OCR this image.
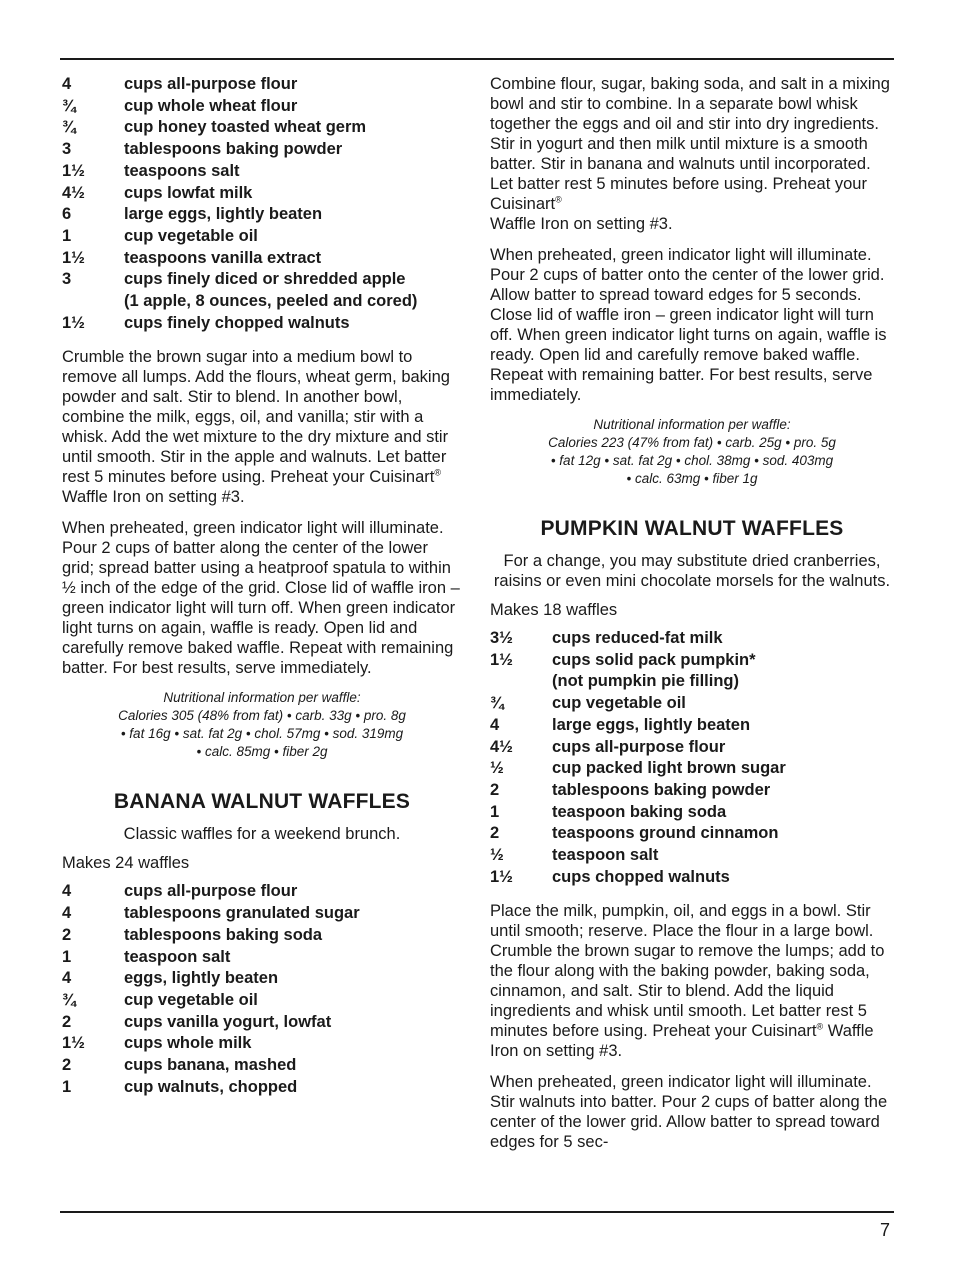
4	cups all-purpose flour
¾	cup whole wheat flour
¾	cup honey toasted wheat germ
3	tablespoons baking powder
1½	teaspoons salt
4½	cups lowfat milk
6	large eggs, lightly beaten
1	cup vegetable oil
1½	teaspoons vanilla extract
3	cups finely diced or shredded apple
(1 apple, 8 ounces, peeled and cored)
1½	cups finely chopped walnuts

Crumble the brown sugar into a medium bowl to remove all lumps. Add the flours, wheat germ, baking powder and salt. Stir to blend. In another bowl, combine the milk, eggs, oil, and vanilla; stir with a whisk. Add the wet mixture to the dry mixture and stir until smooth. Stir in the apple and walnuts. Let batter rest 5 minutes before using. Preheat your Cuisinart® Waffle Iron on setting #3.

When preheated, green indicator light will illuminate. Pour 2 cups of batter along the center of the lower grid; spread batter using a heatproof spatula to within ½ inch of the edge of the grid. Close lid of waffle iron – green indicator light will turn off. When green indicator light turns on again, waffle is ready. Open lid and carefully remove baked waffle. Repeat with remaining batter. For best results, serve immediately.

Nutritional information per waffle:
Calories 305 (48% from fat) • carb. 33g • pro. 8g
• fat 16g • sat. fat 2g • chol. 57mg • sod. 319mg
• calc. 85mg • fiber 2g
BANANA WALNUT WAFFLES

Classic waffles for a weekend brunch.

Makes 24 waffles

4	cups all-purpose flour
4	tablespoons granulated sugar
2	tablespoons baking soda
1	teaspoon salt
4	eggs, lightly beaten
¾	cup vegetable oil
2	cups vanilla yogurt, lowfat
1½	cups whole milk
2	cups banana, mashed
1	cup walnuts, chopped

Combine flour, sugar, baking soda, and salt in a mixing bowl and stir to combine. In a separate bowl whisk together the eggs and oil and stir into dry ingredients. Stir in yogurt and then milk until mixture is a smooth batter. Stir in banana and walnuts until incorporated. Let batter rest 5 minutes before using. Preheat your Cuisinart®
Waffle Iron on setting #3.

When preheated, green indicator light will illuminate. Pour 2 cups of batter onto the center of the lower grid. Allow batter to spread toward edges for 5 seconds. Close lid of waffle iron – green indicator light will turn off. When green indicator light turns on again, waffle is ready. Open lid and carefully remove baked waffle. Repeat with remaining batter. For best results, serve immediately.

Nutritional information per waffle:
Calories 223 (47% from fat) • carb. 25g • pro. 5g
• fat 12g • sat. fat 2g • chol. 38mg • sod. 403mg
• calc. 63mg • fiber 1g
PUMPKIN WALNUT WAFFLES

For a change, you may substitute dried cranberries, raisins or even mini chocolate morsels for the walnuts.

Makes 18 waffles

3½	cups reduced-fat milk
1½	cups solid pack pumpkin*
(not pumpkin pie filling)
¾	cup vegetable oil
4	large eggs, lightly beaten
4½	cups all-purpose flour
½	cup packed light brown sugar
2	tablespoons baking powder
1	teaspoon baking soda
2	teaspoons ground cinnamon
½	teaspoon salt
1½	cups chopped walnuts

Place the milk, pumpkin, oil, and eggs in a bowl. Stir until smooth; reserve. Place the flour in a large bowl. Crumble the brown sugar to remove the lumps; add to the flour along with the baking powder, baking soda, cinnamon, and salt. Stir to blend. Add the liquid ingredients and whisk until smooth. Let batter rest 5 minutes before using. Preheat your Cuisinart® Waffle Iron on setting #3.

When preheated, green indicator light will illuminate. Stir walnuts into batter. Pour 2 cups of batter along the center of the lower grid. Allow batter to spread toward edges for 5 sec-

7
